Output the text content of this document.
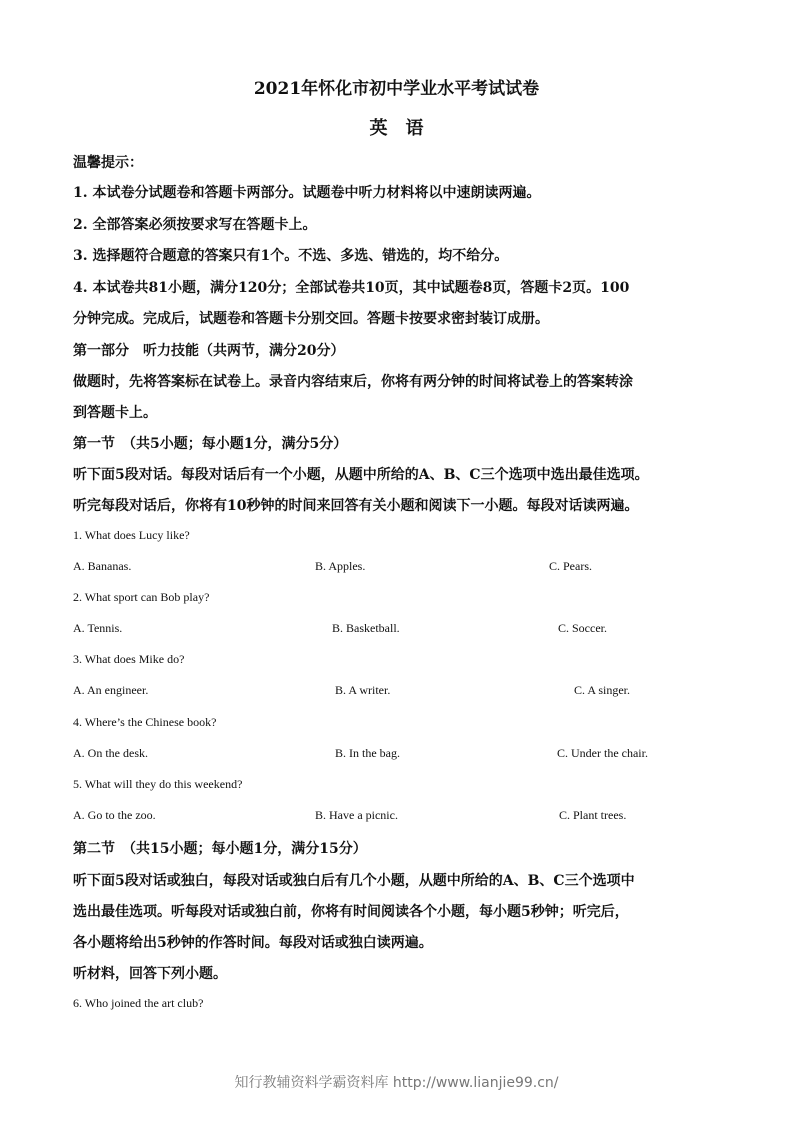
2021年怀化市初中学业水平考试试卷
英　语
温馨提示：
1. 本试卷分试题卷和答题卡两部分。试题卷中听力材料将以中速朗读两遍。
2. 全部答案必须按要求写在答题卡上。
3. 选择题符合题意的答案只有1个。不选、多选、错选的，均不给分。
4. 本试卷共81小题，满分120分；全部试卷共10页，其中试题卷8页，答题卡2页。100
分钟完成。完成后，试题卷和答题卡分别交回。答题卡按要求密封装订成册。
第一部分　听力技能（共两节，满分20分）
做题时，先将答案标在试卷上。录音内容结束后，你将有两分钟的时间将试卷上的答案转涂
到答题卡上。
第一节　（共5小题；每小题1分，满分5分）
听下面5段对话。每段对话后有一个小题，从题中所给的A、B、C三个选项中选出最佳选项。
听完每段对话后，你将有10秒钟的时间来回答有关小题和阅读下一小题。每段对话读两遍。
1. What does Lucy like?
A. Bananas.	B. Apples.	C. Pears.
2. What sport can Bob play?
A. Tennis.	B. Basketball.	C. Soccer.
3. What does Mike do?
A. An engineer.	B. A writer.	C. A singer.
4. Where’s the Chinese book?
A. On the desk.	B. In the bag.	C. Under the chair.
5. What will they do this weekend?
A. Go to the zoo.	B. Have a picnic.	C. Plant trees.
第二节　（共15小题；每小题1分，满分15分）
听下面5段对话或独白，每段对话或独白后有几个小题，从题中所给的A、B、C三个选项中
选出最佳选项。听每段对话或独白前，你将有时间阅读各个小题，每小题5秒钟；听完后，
各小题将给出5秒钟的作答时间。每段对话或独白读两遍。
听材料，回答下列小题。
6. Who joined the art club?
知行教辅资料学霸资料库 http://www.lianjie99.cn/
